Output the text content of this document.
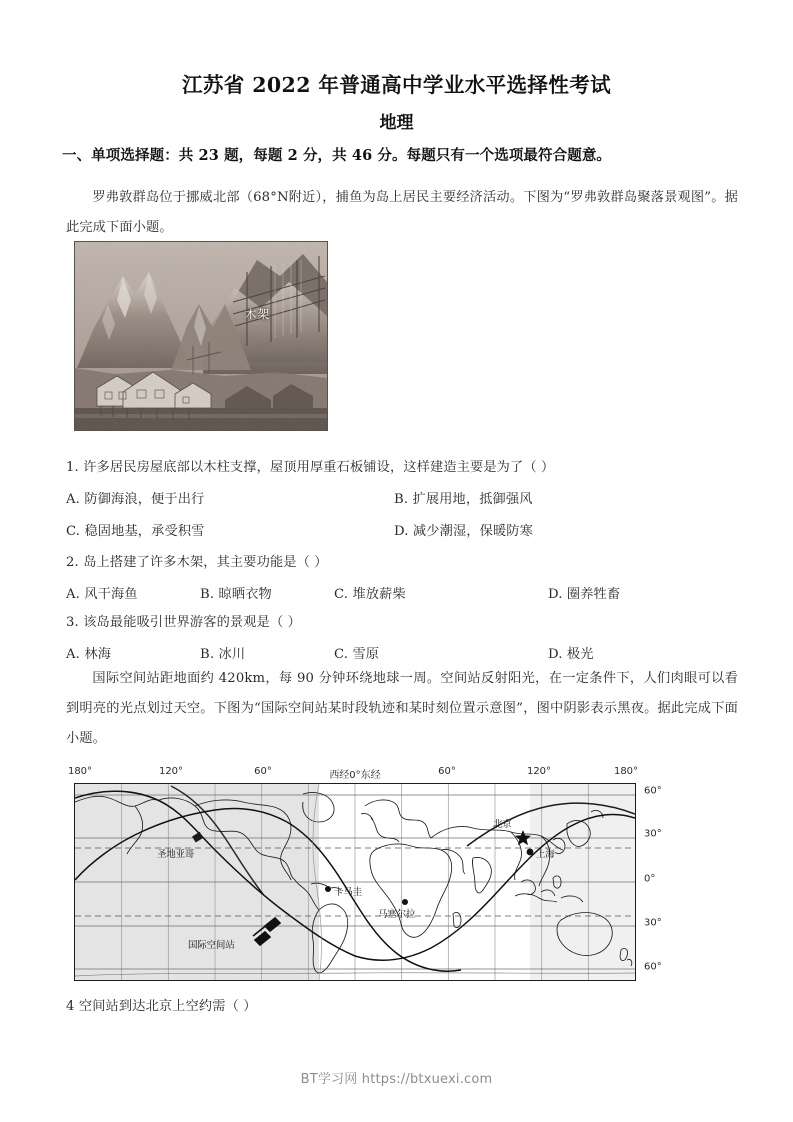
江苏省 2022 年普通高中学业水平选择性考试
地理
一、单项选择题：共 23 题，每题 2 分，共 46 分。每题只有一个选项最符合题意。
罗弗敦群岛位于挪威北部（68°N附近），捕鱼为岛上居民主要经济活动。下图为“罗弗敦群岛聚落景观图”。据此完成下面小题。
木架
1. 许多居民房屋底部以木柱支撑，屋顶用厚重石板铺设，这样建造主要是为了（ ）
A. 防御海浪，便于出行	B. 扩展用地，抵御强风
C. 稳固地基，承受积雪	D. 减少潮湿，保暖防寒
2. 岛上搭建了许多木架，其主要功能是（ ）
A. 风干海鱼	B. 晾晒衣物	C. 堆放薪柴	D. 圈养牲畜
3. 该岛最能吸引世界游客的景观是（ ）
A. 林海	B. 冰川	C. 雪原	D. 极光
国际空间站距地面约 420km，每 90 分钟环绕地球一周。空间站反射阳光，在一定条件下，人们肉眼可以看到明亮的光点划过天空。下图为“国际空间站某时段轨迹和某时刻位置示意图”，图中阴影表示黑夜。据此完成下面小题。
180°	120°	60°	西经0°东经	60°	120°	180°
60°
30°
0°
30°
60°
圣地亚哥
国际空间站
卡马圭
马塞尔拉
北京
上海
4 空间站到达北京上空约需（ ）
BT学习网 https://btxuexi.com
